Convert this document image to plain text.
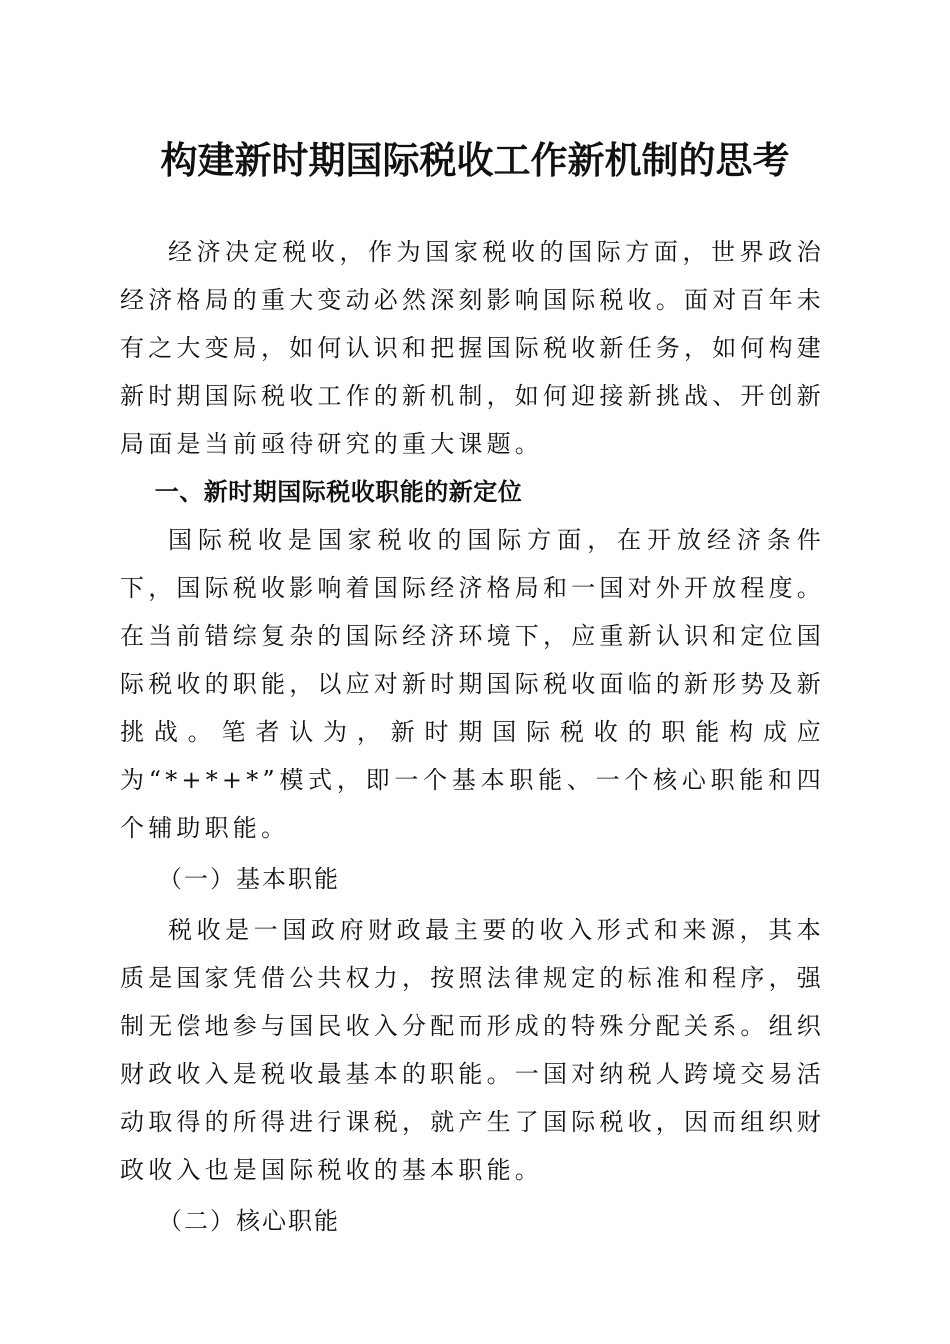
构建新时期国际税收工作新机制的思考

经济决定税收，作为国家税收的国际方面，世界政治经济格局的重大变动必然深刻影响国际税收。面对百年未有之大变局，如何认识和把握国际税收新任务，如何构建新时期国际税收工作的新机制，如何迎接新挑战、开创新局面是当前亟待研究的重大课题。

一、新时期国际税收职能的新定位

国际税收是国家税收的国际方面，在开放经济条件下，国际税收影响着国际经济格局和一国对外开放程度。在当前错综复杂的国际经济环境下，应重新认识和定位国际税收的职能，以应对新时期国际税收面临的新形势及新挑战。笔者认为，新时期国际税收的职能构成应为“*+*+*”模式，即一个基本职能、一个核心职能和四个辅助职能。

（一）基本职能

税收是一国政府财政最主要的收入形式和来源，其本质是国家凭借公共权力，按照法律规定的标准和程序，强制无偿地参与国民收入分配而形成的特殊分配关系。组织财政收入是税收最基本的职能。一国对纳税人跨境交易活动取得的所得进行课税，就产生了国际税收，因而组织财政收入也是国际税收的基本职能。

（二）核心职能
